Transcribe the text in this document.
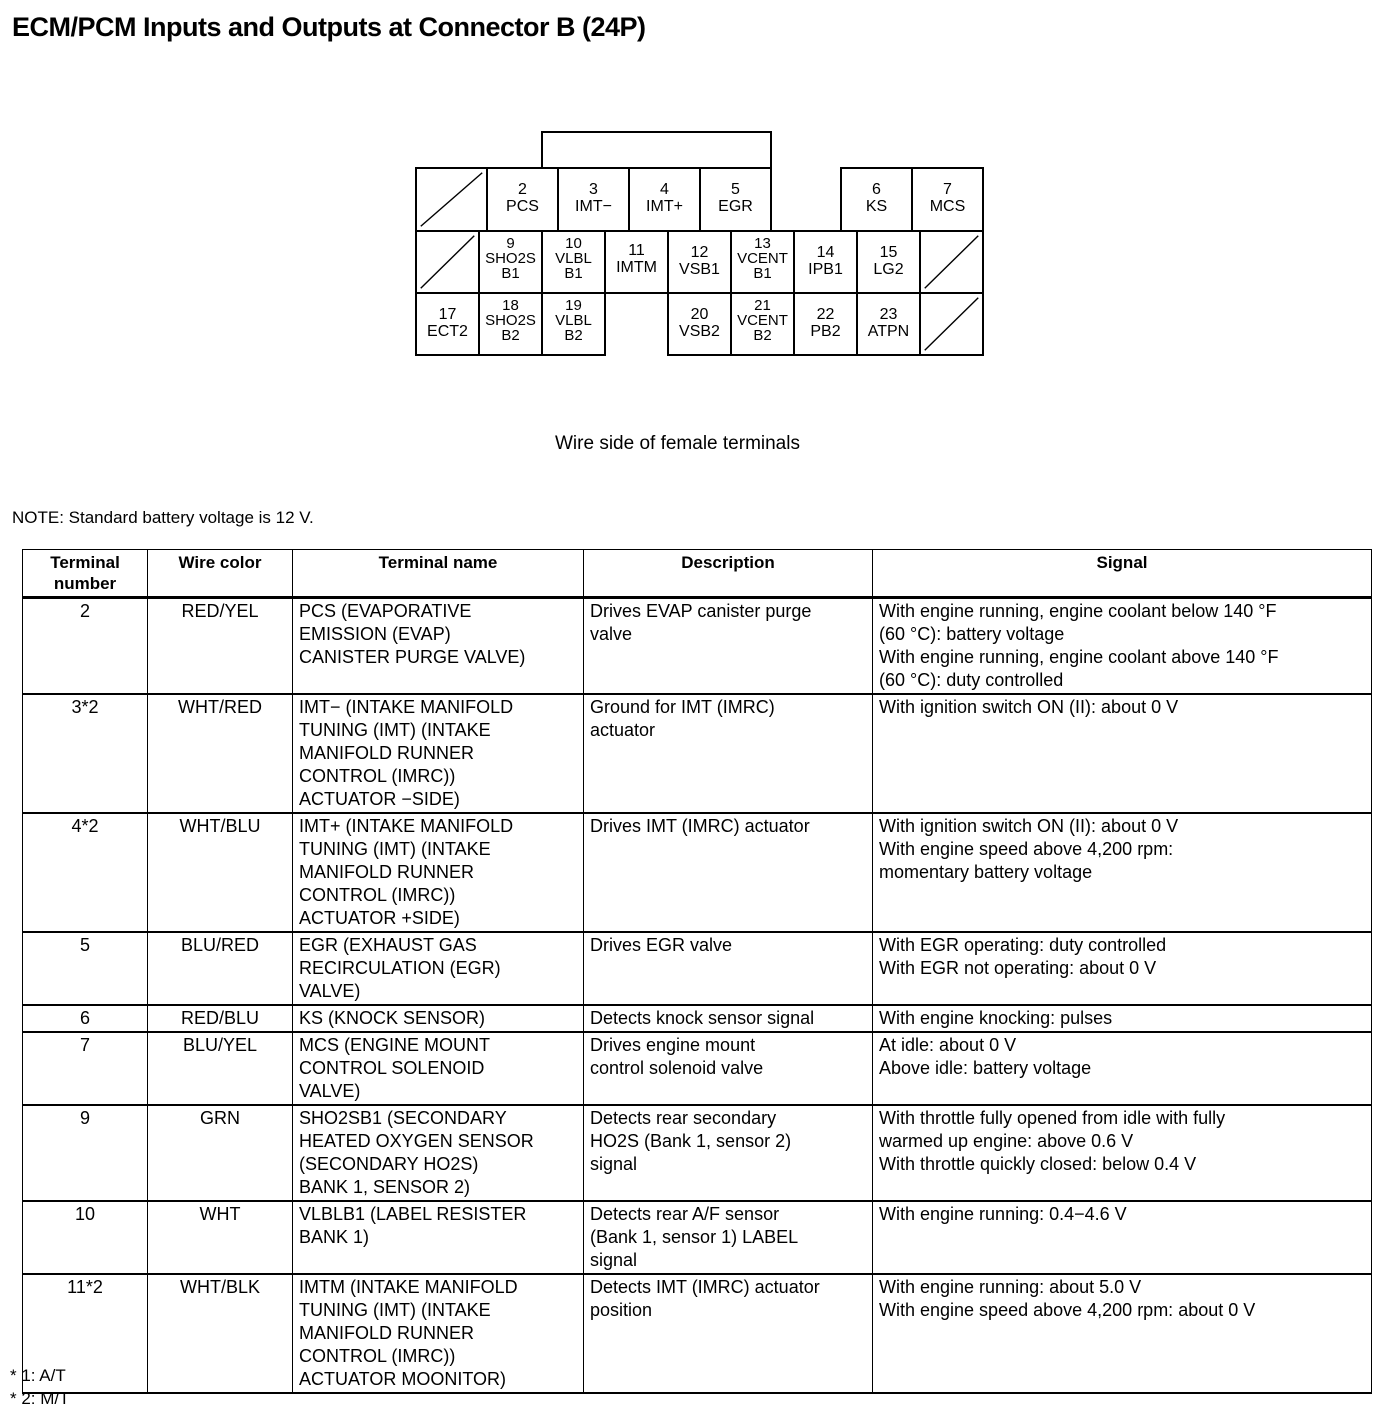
ECM/PCM Inputs and Outputs at Connector B (24P)
2
PCS
3
IMT−
4
IMT+
5
EGR
6
KS
7
MCS
9
SHO2S
B1
10
VLBL
B1
11
IMTM
12
VSB1
13
VCENT
B1
14
IPB1
15
LG2
17
ECT2
18
SHO2S
B2
19
VLBL
B2
20
VSB2
21
VCENT
B2
22
PB2
23
ATPN
Wire side of female terminals
NOTE: Standard battery voltage is 12 V.
Terminal
number	Wire color	Terminal name	Description	Signal
2	RED/YEL	PCS (EVAPORATIVE
EMISSION (EVAP)
CANISTER PURGE VALVE)	Drives EVAP canister purge
valve	With engine running, engine coolant below 140 °F
(60 °C): battery voltage
With engine running, engine coolant above 140 °F
(60 °C): duty controlled
3*2	WHT/RED	IMT− (INTAKE MANIFOLD
TUNING (IMT) (INTAKE
MANIFOLD RUNNER
CONTROL (IMRC))
ACTUATOR −SIDE)	Ground for IMT (IMRC)
actuator	With ignition switch ON (II): about 0 V
4*2	WHT/BLU	IMT+ (INTAKE MANIFOLD
TUNING (IMT) (INTAKE
MANIFOLD RUNNER
CONTROL (IMRC))
ACTUATOR +SIDE)	Drives IMT (IMRC) actuator	With ignition switch ON (II): about 0 V
With engine speed above 4,200 rpm:
momentary battery voltage
5	BLU/RED	EGR (EXHAUST GAS
RECIRCULATION (EGR)
VALVE)	Drives EGR valve	With EGR operating: duty controlled
With EGR not operating: about 0 V
6	RED/BLU	KS (KNOCK SENSOR)	Detects knock sensor signal	With engine knocking: pulses
7	BLU/YEL	MCS (ENGINE MOUNT
CONTROL SOLENOID
VALVE)	Drives engine mount
control solenoid valve	At idle: about 0 V
Above idle: battery voltage
9	GRN	SHO2SB1 (SECONDARY
HEATED OXYGEN SENSOR
(SECONDARY HO2S)
BANK 1, SENSOR 2)	Detects rear secondary
HO2S (Bank 1, sensor 2)
signal	With throttle fully opened from idle with fully
warmed up engine: above 0.6 V
With throttle quickly closed: below 0.4 V
10	WHT	VLBLB1 (LABEL RESISTER
BANK 1)	Detects rear A/F sensor
(Bank 1, sensor 1) LABEL
signal	With engine running: 0.4−4.6 V
11*2	WHT/BLK	IMTM (INTAKE MANIFOLD
TUNING (IMT) (INTAKE
MANIFOLD RUNNER
CONTROL (IMRC))
ACTUATOR MOONITOR)	Detects IMT (IMRC) actuator
position	With engine running: about 5.0 V
With engine speed above 4,200 rpm: about 0 V
* 1: A/T
* 2: M/T
